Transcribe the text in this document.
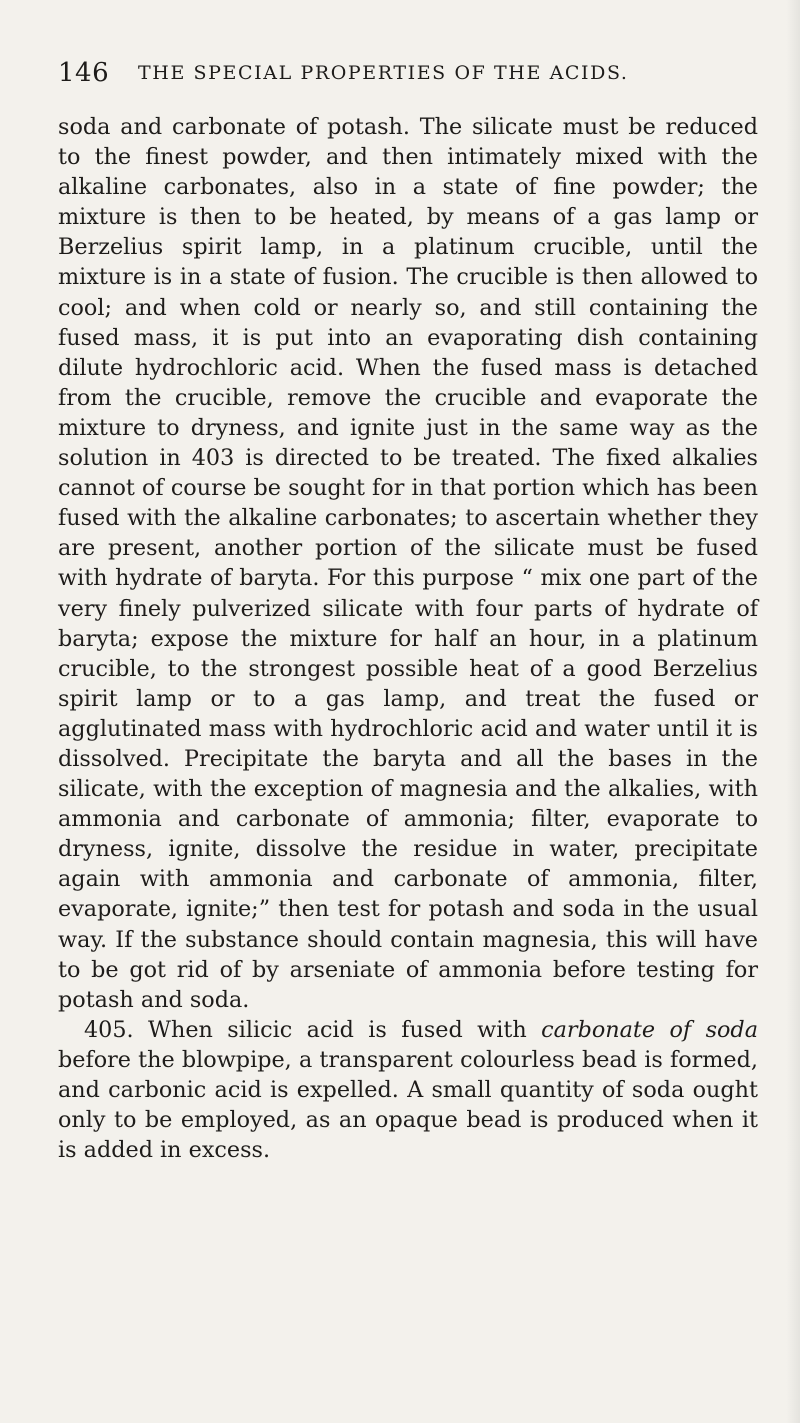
146 THE SPECIAL PROPERTIES OF THE ACIDS.

soda and carbonate of potash. The silicate must be reduced to the finest powder, and then intimately mixed with the alkaline carbonates, also in a state of fine powder; the mixture is then to be heated, by means of a gas lamp or Berzelius spirit lamp, in a platinum crucible, until the mixture is in a state of fusion. The crucible is then allowed to cool; and when cold or nearly so, and still containing the fused mass, it is put into an evaporating dish containing dilute hydrochloric acid. When the fused mass is detached from the crucible, remove the crucible and evaporate the mixture to dryness, and ignite just in the same way as the solution in 403 is directed to be treated. The fixed alkalies cannot of course be sought for in that portion which has been fused with the alkaline carbonates; to ascertain whether they are present, another portion of the silicate must be fused with hydrate of baryta. For this purpose “ mix one part of the very finely pulverized silicate with four parts of hydrate of baryta; expose the mixture for half an hour, in a platinum crucible, to the strongest possible heat of a good Berzelius spirit lamp or to a gas lamp, and treat the fused or agglutinated mass with hydrochloric acid and water until it is dissolved. Precipitate the baryta and all the bases in the silicate, with the exception of magnesia and the alkalies, with ammonia and carbonate of ammonia; filter, evaporate to dryness, ignite, dissolve the residue in water, precipitate again with ammonia and carbonate of ammonia, filter, evaporate, ignite;” then test for potash and soda in the usual way. If the substance should contain magnesia, this will have to be got rid of by arseniate of ammonia before testing for potash and soda.

405. When silicic acid is fused with carbonate of soda before the blowpipe, a transparent colourless bead is formed, and carbonic acid is expelled. A small quantity of soda ought only to be employed, as an opaque bead is produced when it is added in excess.
